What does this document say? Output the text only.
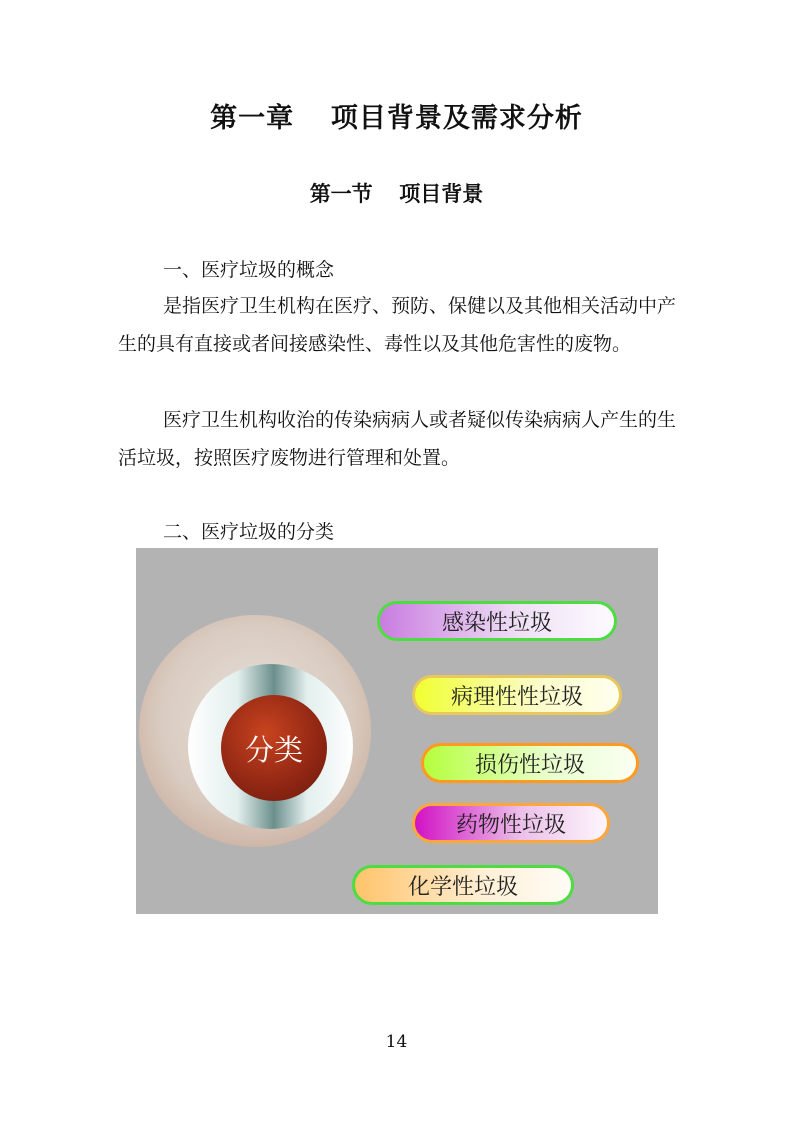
第一章  项目背景及需求分析
第一节  项目背景
一、医疗垃圾的概念
是指医疗卫生机构在医疗、预防、保健以及其他相关活动中产生的具有直接或者间接感染性、毒性以及其他危害性的废物。
医疗卫生机构收治的传染病病人或者疑似传染病病人产生的生活垃圾，按照医疗废物进行管理和处置。
二、医疗垃圾的分类
分类
感染性垃圾
病理性性垃圾
损伤性垃圾
药物性垃圾
化学性垃圾
14
